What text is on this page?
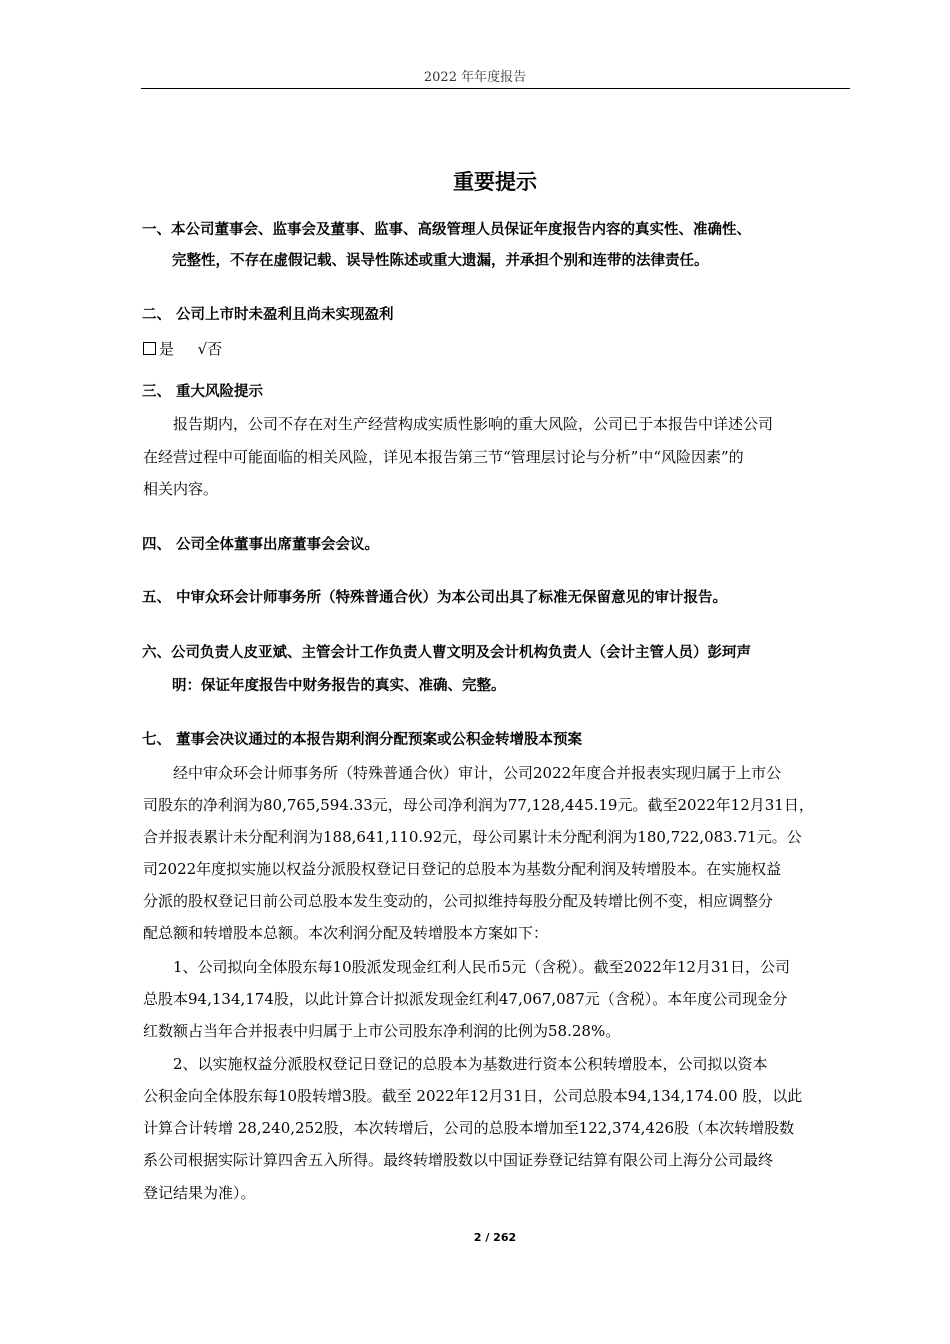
2022 年年度报告
重要提示
一、本公司董事会、监事会及董事、监事、高级管理人员保证年度报告内容的真实性、准确性、
完整性，不存在虚假记载、误导性陈述或重大遗漏，并承担个别和连带的法律责任。
二、 公司上市时未盈利且尚未实现盈利
是 √否
三、 重大风险提示
报告期内，公司不存在对生产经营构成实质性影响的重大风险，公司已于本报告中详述公司
在经营过程中可能面临的相关风险，详见本报告第三节“管理层讨论与分析”中“风险因素”的
相关内容。
四、 公司全体董事出席董事会会议。
五、 中审众环会计师事务所（特殊普通合伙）为本公司出具了标准无保留意见的审计报告。
六、公司负责人皮亚斌、主管会计工作负责人曹文明及会计机构负责人（会计主管人员）彭珂声
明：保证年度报告中财务报告的真实、准确、完整。
七、 董事会决议通过的本报告期利润分配预案或公积金转增股本预案
经中审众环会计师事务所（特殊普通合伙）审计，公司2022年度合并报表实现归属于上市公
司股东的净利润为80,765,594.33元，母公司净利润为77,128,445.19元。截至2022年12月31日，
合并报表累计未分配利润为188,641,110.92元，母公司累计未分配利润为180,722,083.71元。公
司2022年度拟实施以权益分派股权登记日登记的总股本为基数分配利润及转增股本。在实施权益
分派的股权登记日前公司总股本发生变动的，公司拟维持每股分配及转增比例不变，相应调整分
配总额和转增股本总额。本次利润分配及转增股本方案如下：
1、公司拟向全体股东每10股派发现金红利人民币5元（含税）。截至2022年12月31日，公司
总股本94,134,174股，以此计算合计拟派发现金红利47,067,087元（含税）。本年度公司现金分
红数额占当年合并报表中归属于上市公司股东净利润的比例为58.28%。
2、以实施权益分派股权登记日登记的总股本为基数进行资本公积转增股本，公司拟以资本
公积金向全体股东每10股转增3股。截至 2022年12月31日，公司总股本94,134,174.00 股，以此
计算合计转增 28,240,252股，本次转增后，公司的总股本增加至122,374,426股（本次转增股数
系公司根据实际计算四舍五入所得。最终转增股数以中国证券登记结算有限公司上海分公司最终
登记结果为准）。
2 / 262
